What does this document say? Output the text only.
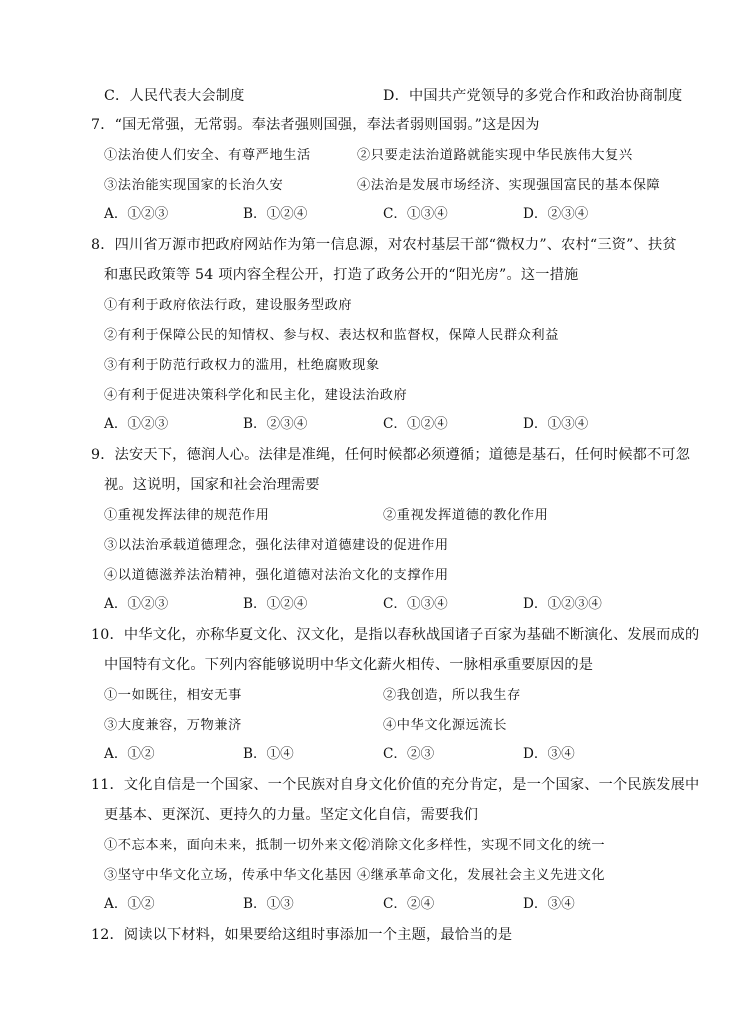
C．人民代表大会制度	D．中国共产党领导的多党合作和政治协商制度
7．“国无常强，无常弱。奉法者强则国强，奉法者弱则国弱。”这是因为
①法治使人们安全、有尊严地生活	②只要走法治道路就能实现中华民族伟大复兴
③法治能实现国家的长治久安	④法治是发展市场经济、实现强国富民的基本保障
A．①②③	B．①②④	C．①③④	D．②③④
8．四川省万源市把政府网站作为第一信息源，对农村基层干部“微权力”、农村“三资”、扶贫
和惠民政策等 54 项内容全程公开，打造了政务公开的“阳光房”。这一措施
①有利于政府依法行政，建设服务型政府
②有利于保障公民的知情权、参与权、表达权和监督权，保障人民群众利益
③有利于防范行政权力的滥用，杜绝腐败现象
④有利于促进决策科学化和民主化，建设法治政府
A．①②③	B．②③④	C．①②④	D．①③④
9．法安天下，德润人心。法律是准绳，任何时候都必须遵循；道德是基石，任何时候都不可忽
视。这说明，国家和社会治理需要
①重视发挥法律的规范作用	②重视发挥道德的教化作用
③以法治承载道德理念，强化法律对道德建设的促进作用
④以道德滋养法治精神，强化道德对法治文化的支撑作用
A．①②③	B．①②④	C．①③④	D．①②③④
10．中华文化，亦称华夏文化、汉文化，是指以春秋战国诸子百家为基础不断演化、发展而成的
中国特有文化。下列内容能够说明中华文化薪火相传、一脉相承重要原因的是
①一如既往，相安无事	②我创造，所以我生存
③大度兼容，万物兼济	④中华文化源远流长
A．①②	B．①④	C．②③	D．③④
11．文化自信是一个国家、一个民族对自身文化价值的充分肯定，是一个国家、一个民族发展中
更基本、更深沉、更持久的力量。坚定文化自信，需要我们
①不忘本来，面向未来，抵制一切外来文化
②消除文化多样性，实现不同文化的统一
③坚守中华文化立场，传承中华文化基因 ④继承革命文化，发展社会主义先进文化
A．①②	B．①③	C．②④	D．③④
12．阅读以下材料，如果要给这组时事添加一个主题，最恰当的是
